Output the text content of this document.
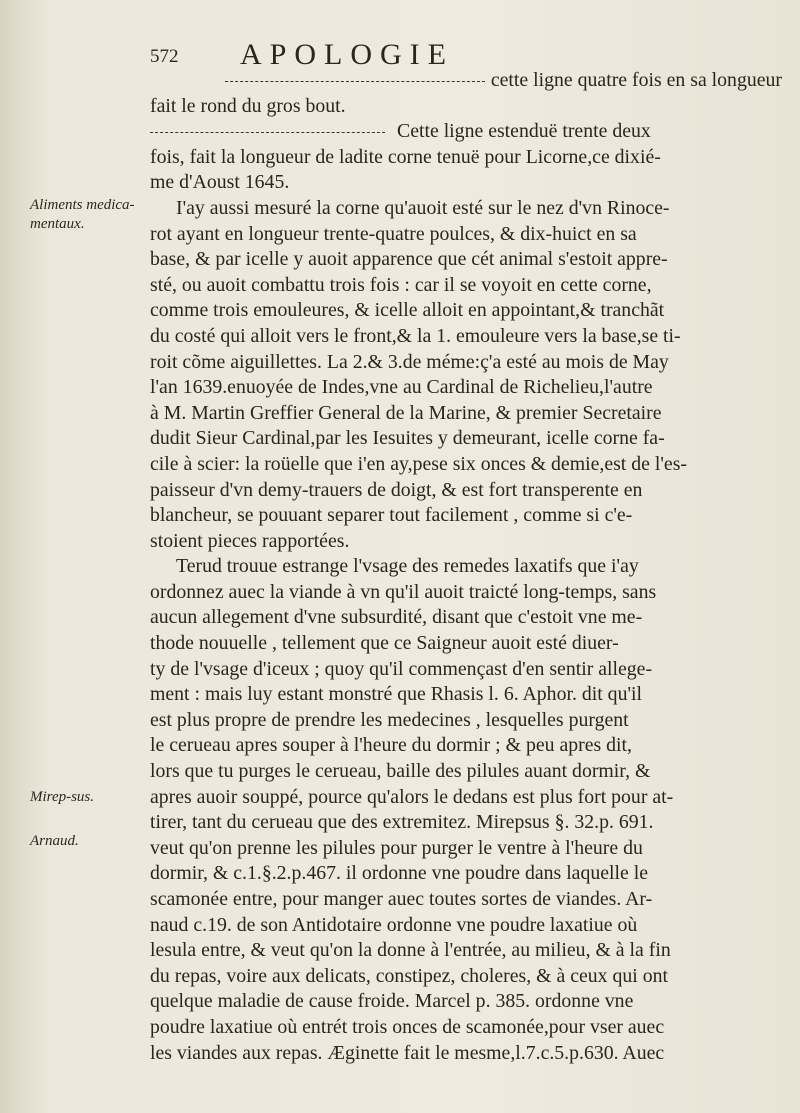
572 APOLOGIE
Aliments medica-mentaux.
Mirep-sus.
Arnaud.
cette ligne quatre fois en sa longueur
fait le rond du gros bout.
Cette ligne estenduë trente deux
fois, fait la longueur de ladite corne tenuë pour Licorne,ce dixié-
me d'Aoust 1645.
I'ay aussi mesuré la corne qu'auoit esté sur le nez d'vn Rinoce-
rot ayant en longueur trente-quatre poulces, & dix-huict en sa
base, & par icelle y auoit apparence que cét animal s'estoit appre-
sté, ou auoit combattu trois fois : car il se voyoit en cette corne,
comme trois emouleures, & icelle alloit en appointant,& tranchãt
du costé qui alloit vers le front,& la 1. emouleure vers la base,se ti-
roit cõme aiguillettes. La 2.& 3.de méme:ç'a esté au mois de May
l'an 1639.enuoyée de Indes,vne au Cardinal de Richelieu,l'autre
à M. Martin Greffier General de la Marine, & premier Secretaire
dudit Sieur Cardinal,par les Iesuites y demeurant, icelle corne fa-
cile à scier: la roüelle que i'en ay,pese six onces & demie,est de l'es-
paisseur d'vn demy-trauers de doigt, & est fort transperente en
blancheur, se pouuant separer tout facilement , comme si c'e-
stoient pieces rapportées.
Terud trouue estrange l'vsage des remedes laxatifs que i'ay
ordonnez auec la viande à vn qu'il auoit traicté long-temps, sans
aucun allegement d'vne subsurdité, disant que c'estoit vne me-
thode nouuelle , tellement que ce Saigneur auoit esté diuer-
ty de l'vsage d'iceux ; quoy qu'il commençast d'en sentir allege-
ment : mais luy estant monstré que Rhasis l. 6. Aphor. dit qu'il
est plus propre de prendre les medecines , lesquelles purgent
le cerueau apres souper à l'heure du dormir ; & peu apres dit,
lors que tu purges le cerueau, baille des pilules auant dormir, &
apres auoir souppé, pource qu'alors le dedans est plus fort pour at-
tirer, tant du cerueau que des extremitez. Mirepsus §. 32.p. 691.
veut qu'on prenne les pilules pour purger le ventre à l'heure du
dormir, & c.1.§.2.p.467. il ordonne vne poudre dans laquelle le
scamonée entre, pour manger auec toutes sortes de viandes. Ar-
naud c.19. de son Antidotaire ordonne vne poudre laxatiue où
lesula entre, & veut qu'on la donne à l'entrée, au milieu, & à la fin
du repas, voire aux delicats, constipez, choleres, & à ceux qui ont
quelque maladie de cause froide. Marcel p. 385. ordonne vne
poudre laxatiue où entrét trois onces de scamonée,pour vser auec
les viandes aux repas. Æginette fait le mesme,l.7.c.5.p.630. Auec
